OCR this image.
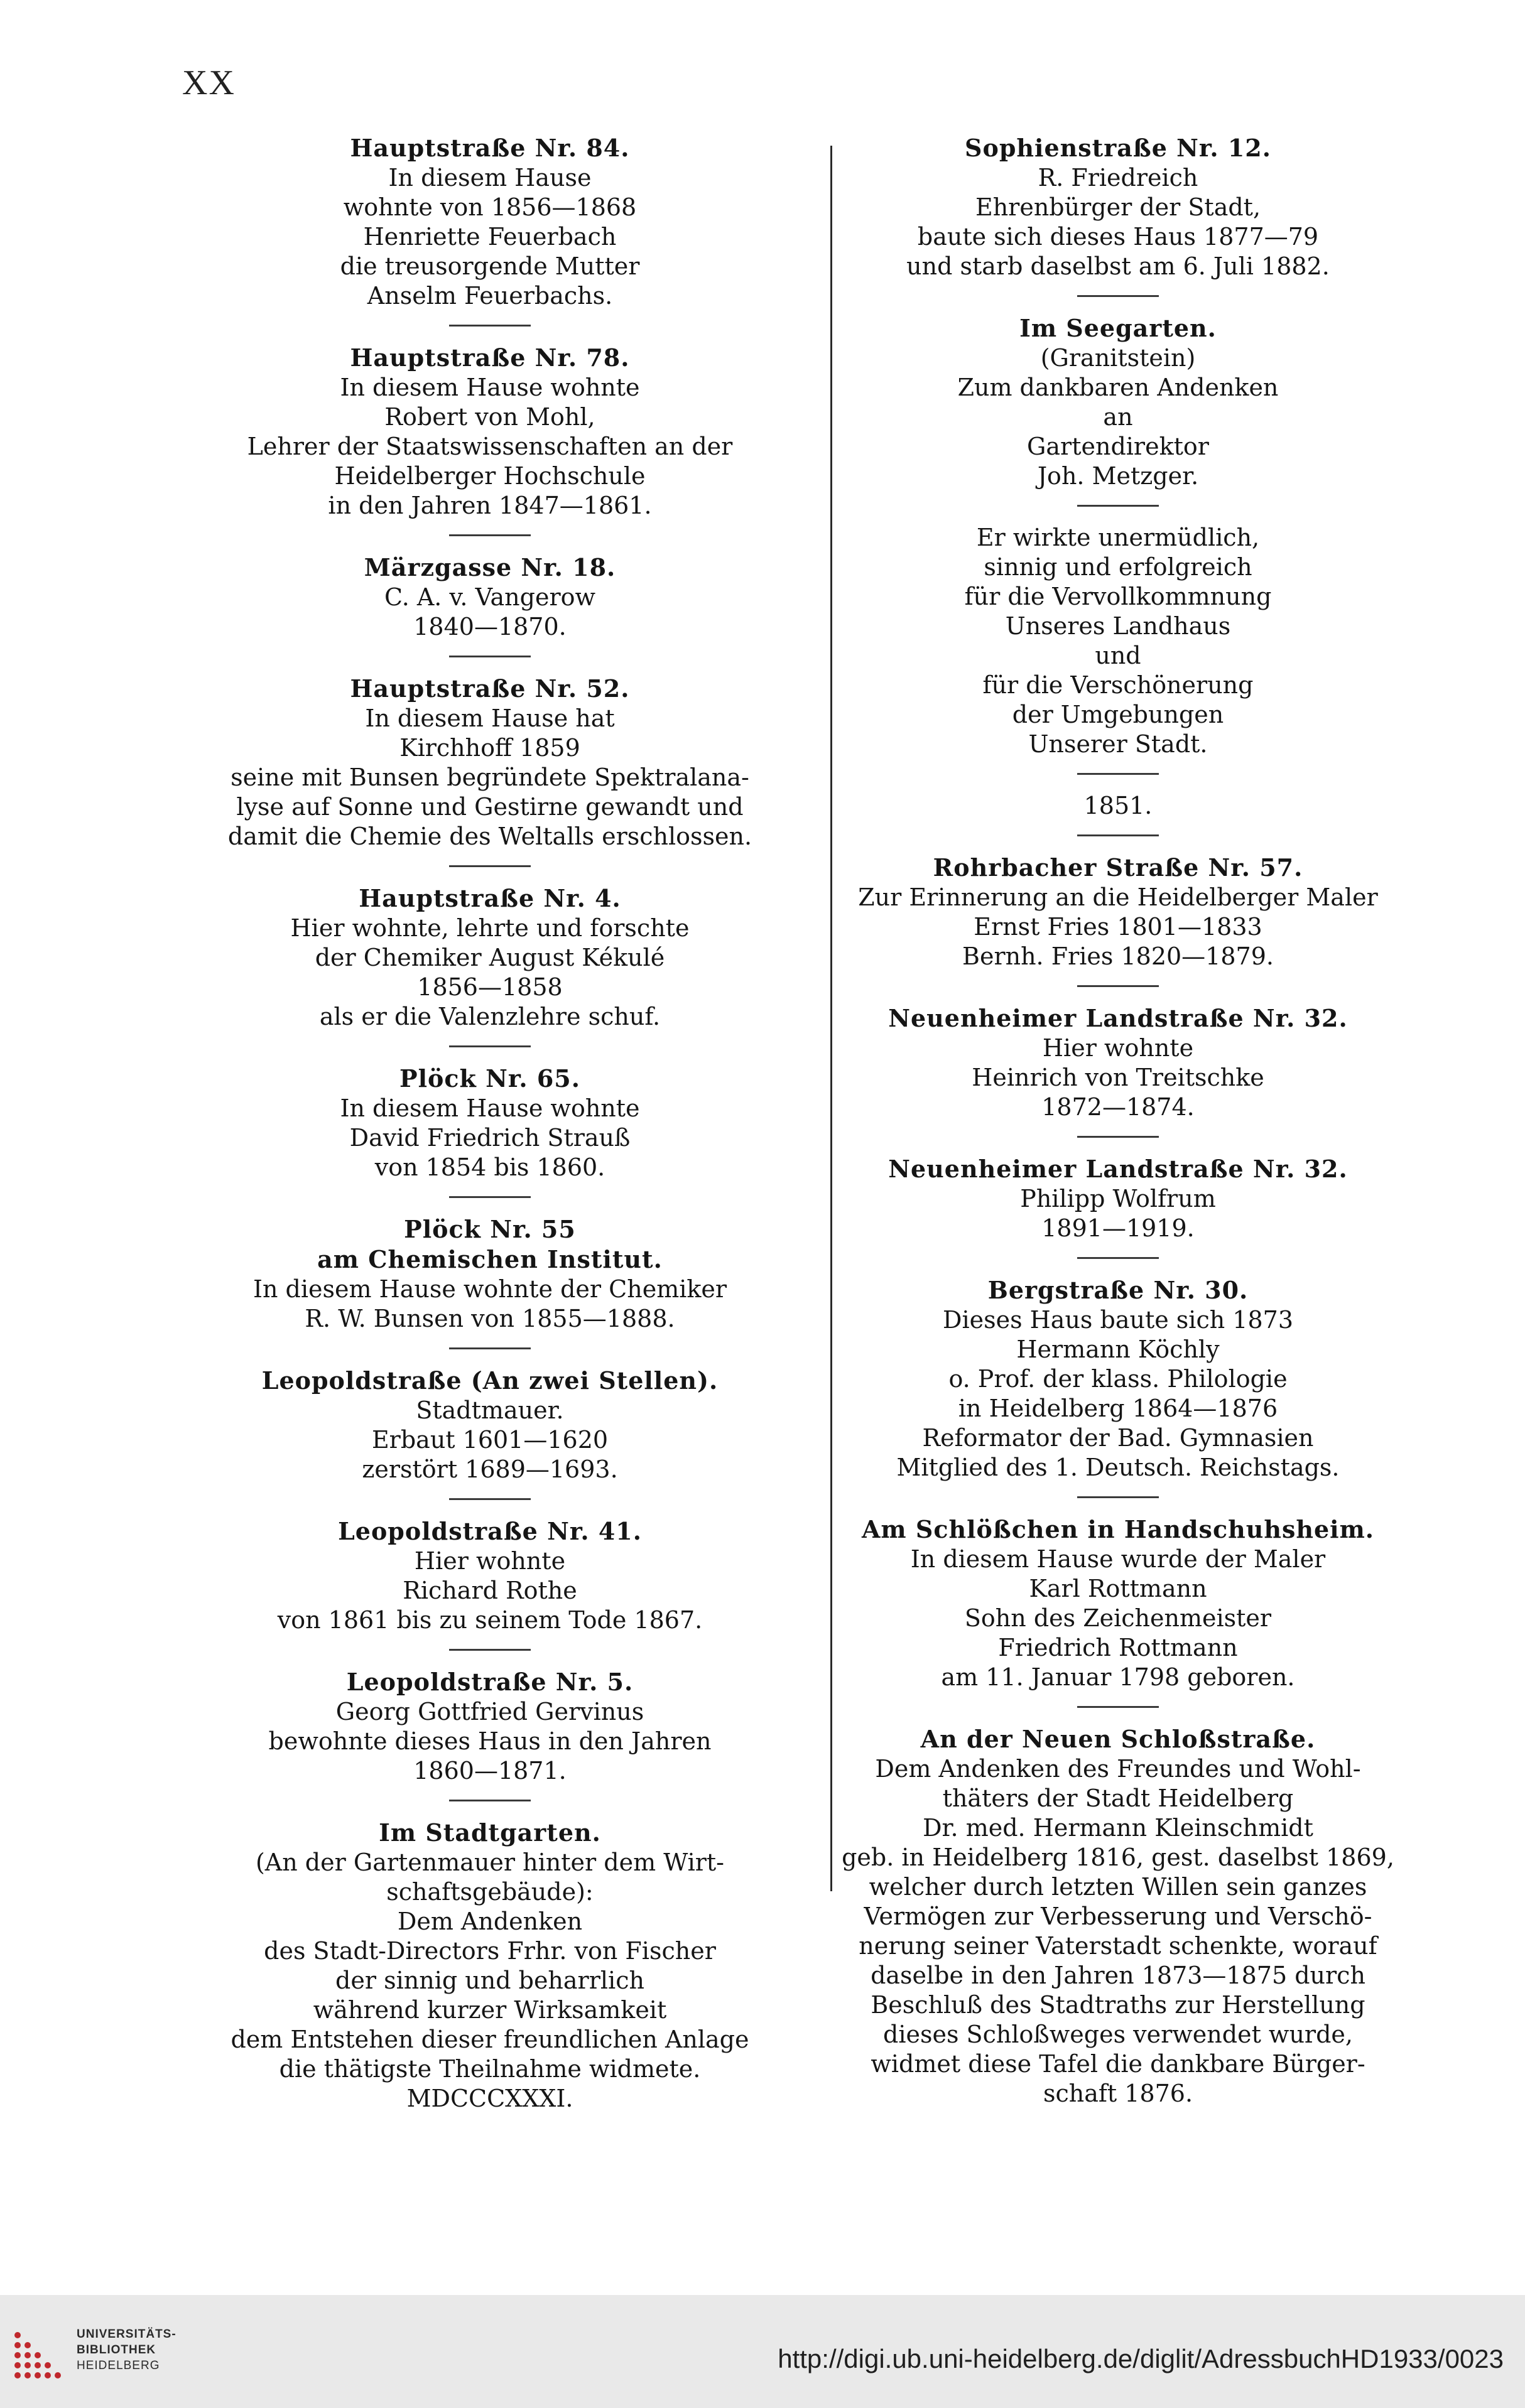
XX
Hauptstraße Nr. 84.
In diesem Hause
wohnte von 1856—1868
Henriette Feuerbach
die treusorgende Mutter
Anselm Feuerbachs.
Hauptstraße Nr. 78.
In diesem Hause wohnte
Robert von Mohl,
Lehrer der Staatswissenschaften an der
Heidelberger Hochschule
in den Jahren 1847—1861.
Märzgasse Nr. 18.
C. A. v. Vangerow
1840—1870.
Hauptstraße Nr. 52.
In diesem Hause hat
Kirchhoff 1859
seine mit Bunsen begründete Spektralana-
lyse auf Sonne und Gestirne gewandt und
damit die Chemie des Weltalls erschlossen.
Hauptstraße Nr. 4.
Hier wohnte, lehrte und forschte
der Chemiker August Kékulé
1856—1858
als er die Valenzlehre schuf.
Plöck Nr. 65.
In diesem Hause wohnte
David Friedrich Strauß
von 1854 bis 1860.
Plöck Nr. 55
am Chemischen Institut.
In diesem Hause wohnte der Chemiker
R. W. Bunsen von 1855—1888.
Leopoldstraße (An zwei Stellen).
Stadtmauer.
Erbaut 1601—1620
zerstört 1689—1693.
Leopoldstraße Nr. 41.
Hier wohnte
Richard Rothe
von 1861 bis zu seinem Tode 1867.
Leopoldstraße Nr. 5.
Georg Gottfried Gervinus
bewohnte dieses Haus in den Jahren
1860—1871.
Im Stadtgarten.
(An der Gartenmauer hinter dem Wirt-
schaftsgebäude):
Dem Andenken
des Stadt-Directors Frhr. von Fischer
der sinnig und beharrlich
während kurzer Wirksamkeit
dem Entstehen dieser freundlichen Anlage
die thätigste Theilnahme widmete.
MDCCCXXXI.
Sophienstraße Nr. 12.
R. Friedreich
Ehrenbürger der Stadt,
baute sich dieses Haus 1877—79
und starb daselbst am 6. Juli 1882.
Im Seegarten.
(Granitstein)
Zum dankbaren Andenken
an
Gartendirektor
Joh. Metzger.
Er wirkte unermüdlich,
sinnig und erfolgreich
für die Vervollkommnung
Unseres Landhaus
und
für die Verschönerung
der Umgebungen
Unserer Stadt.
1851.
Rohrbacher Straße Nr. 57.
Zur Erinnerung an die Heidelberger Maler
Ernst Fries 1801—1833
Bernh. Fries 1820—1879.
Neuenheimer Landstraße Nr. 32.
Hier wohnte
Heinrich von Treitschke
1872—1874.
Neuenheimer Landstraße Nr. 32.
Philipp Wolfrum
1891—1919.
Bergstraße Nr. 30.
Dieses Haus baute sich 1873
Hermann Köchly
o. Prof. der klass. Philologie
in Heidelberg 1864—1876
Reformator der Bad. Gymnasien
Mitglied des 1. Deutsch. Reichstags.
Am Schlößchen in Handschuhsheim.
In diesem Hause wurde der Maler
Karl Rottmann
Sohn des Zeichenmeister
Friedrich Rottmann
am 11. Januar 1798 geboren.
An der Neuen Schloßstraße.
Dem Andenken des Freundes und Wohl-
thäters der Stadt Heidelberg
Dr. med. Hermann Kleinschmidt
geb. in Heidelberg 1816, gest. daselbst 1869,
welcher durch letzten Willen sein ganzes
Vermögen zur Verbesserung und Verschö-
nerung seiner Vaterstadt schenkte, worauf
daselbe in den Jahren 1873—1875 durch
Beschluß des Stadtraths zur Herstellung
dieses Schloßweges verwendet wurde,
widmet diese Tafel die dankbare Bürger-
schaft 1876.
UNIVERSITÄTS-
BIBLIOTHEK
HEIDELBERG	http://digi.ub.uni-heidelberg.de/diglit/AdressbuchHD1933/0023
